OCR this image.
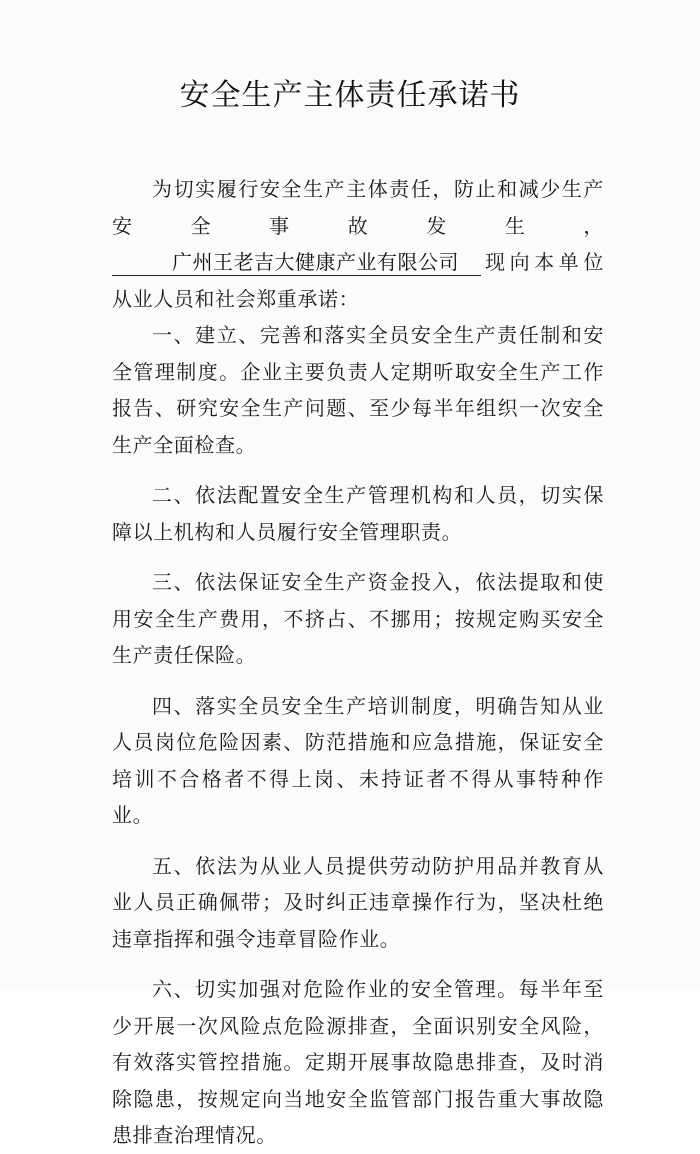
安全生产主体责任承诺书

为切实履行安全生产主体责任，防止和减少生产安全事故发生，广州王老吉大健康产业有限公司 现向本单位从业人员和社会郑重承诺：

一、建立、完善和落实全员安全生产责任制和安全管理制度。企业主要负责人定期听取安全生产工作报告、研究安全生产问题、至少每半年组织一次安全生产全面检查。

二、依法配置安全生产管理机构和人员，切实保障以上机构和人员履行安全管理职责。

三、依法保证安全生产资金投入，依法提取和使用安全生产费用，不挤占、不挪用；按规定购买安全生产责任保险。

四、落实全员安全生产培训制度，明确告知从业人员岗位危险因素、防范措施和应急措施，保证安全培训不合格者不得上岗、未持证者不得从事特种作业。

五、依法为从业人员提供劳动防护用品并教育从业人员正确佩带；及时纠正违章操作行为，坚决杜绝违章指挥和强令违章冒险作业。

六、切实加强对危险作业的安全管理。每半年至少开展一次风险点危险源排查，全面识别安全风险，有效落实管控措施。定期开展事故隐患排查，及时消除隐患，按规定向当地安全监管部门报告重大事故隐患排查治理情况。
